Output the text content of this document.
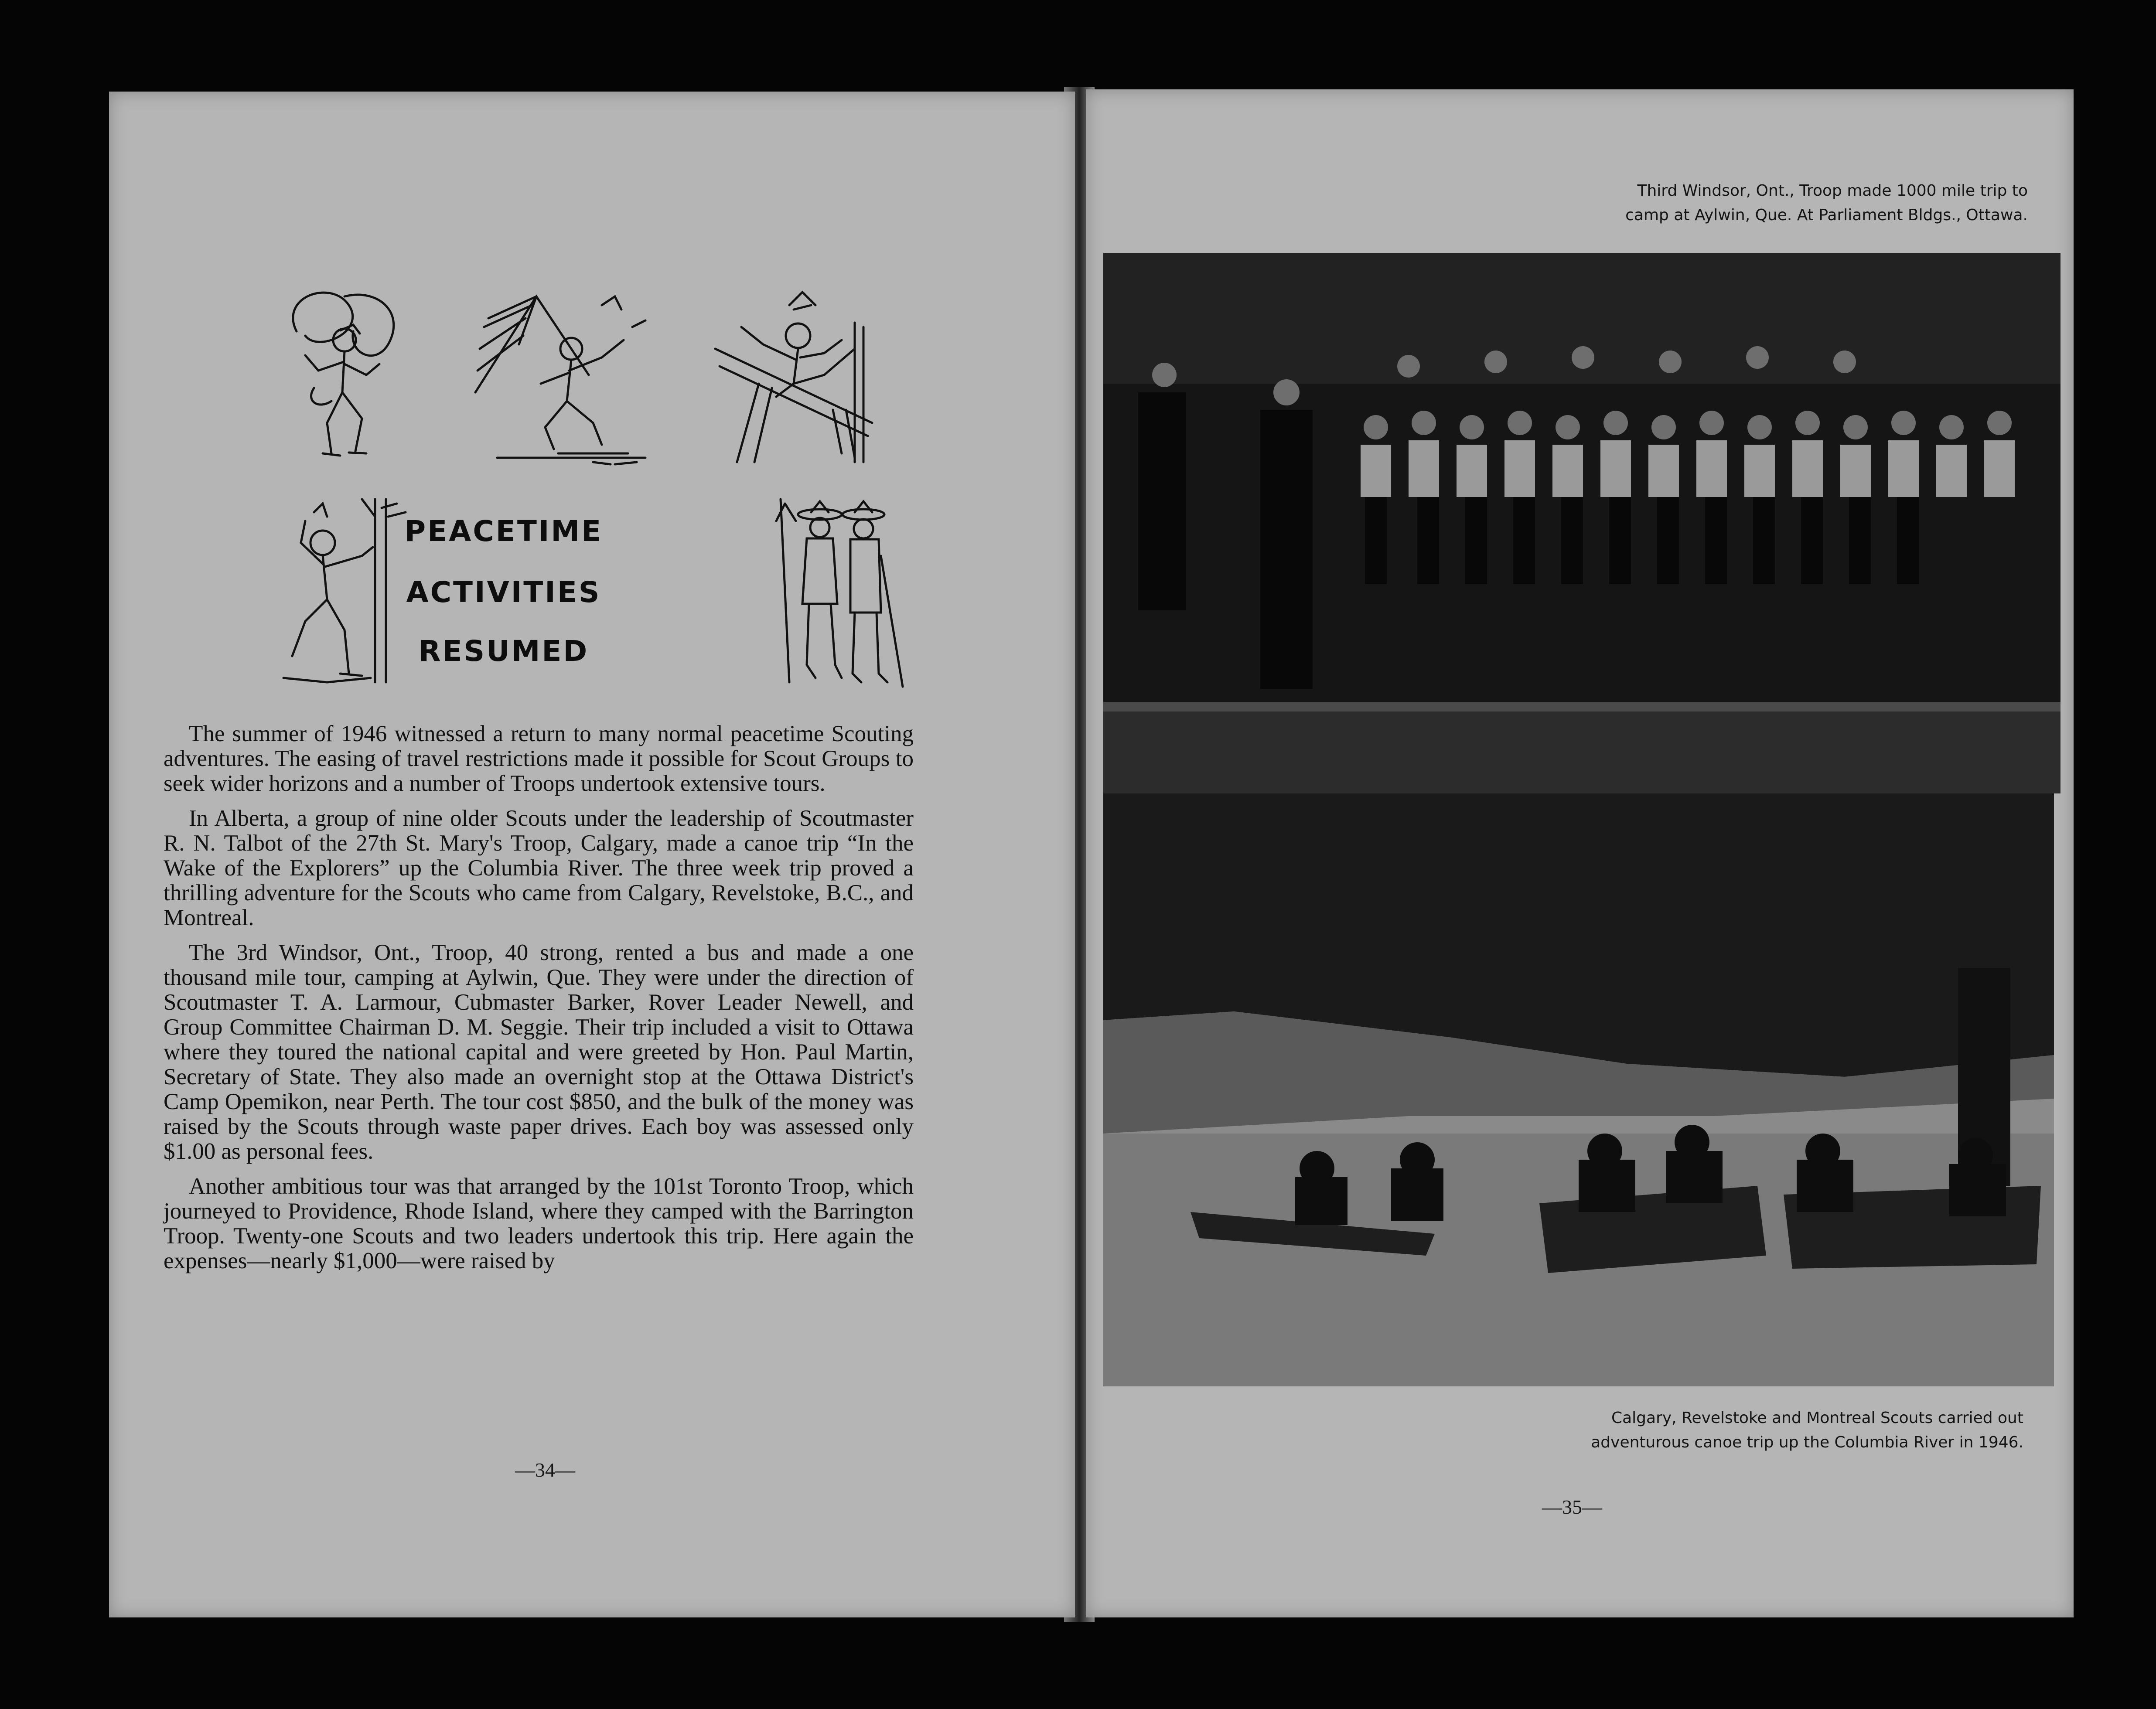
PEACETIME
ACTIVITIES
RESUMED

The summer of 1946 witnessed a return to many normal peacetime Scouting adventures. The easing of travel restrictions made it possible for Scout Groups to seek wider horizons and a number of Troops undertook extensive tours.

In Alberta, a group of nine older Scouts under the leadership of Scoutmaster R. N. Talbot of the 27th St. Mary's Troop, Calgary, made a canoe trip “In the Wake of the Explorers” up the Columbia River. The three week trip proved a thrilling adventure for the Scouts who came from Calgary, Revelstoke, B.C., and Montreal.

The 3rd Windsor, Ont., Troop, 40 strong, rented a bus and made a one thousand mile tour, camping at Aylwin, Que. They were under the direction of Scoutmaster T. A. Larmour, Cubmaster Barker, Rover Leader Newell, and Group Committee Chairman D. M. Seggie. Their trip included a visit to Ottawa where they toured the national capital and were greeted by Hon. Paul Martin, Secretary of State. They also made an overnight stop at the Ottawa District's Camp Opemikon, near Perth. The tour cost $850, and the bulk of the money was raised by the Scouts through waste paper drives. Each boy was assessed only $1.00 as personal fees.

Another ambitious tour was that arranged by the 101st Toronto Troop, which journeyed to Providence, Rhode Island, where they camped with the Barrington Troop. Twenty-one Scouts and two leaders undertook this trip. Here again the expenses—nearly $1,000—were raised by

—34—
Third Windsor, Ont., Troop made 1000 mile trip to
camp at Aylwin, Que. At Parliament Bldgs., Ottawa.
Calgary, Revelstoke and Montreal Scouts carried out
adventurous canoe trip up the Columbia River in 1946.
—35—
